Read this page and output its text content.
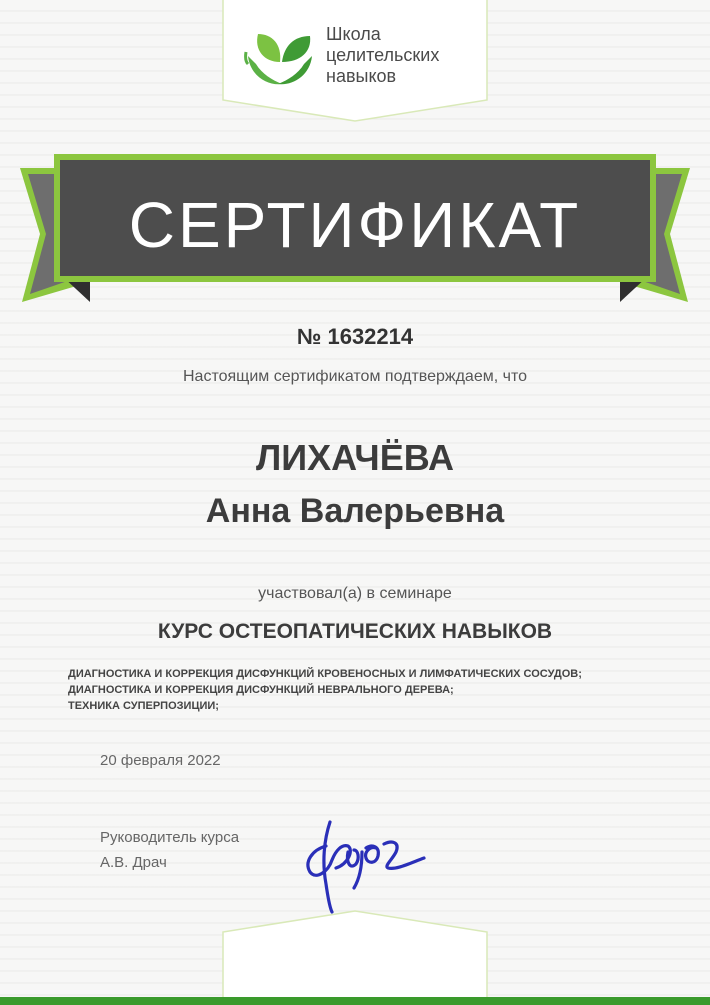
Школа
целительских
навыков
СЕРТИФИКАТ
№ 1632214
Настоящим сертификатом подтверждаем, что
ЛИХАЧЁВА
Анна Валерьевна
участвовал(а) в семинаре
КУРС ОСТЕОПАТИЧЕСКИХ НАВЫКОВ
ДИАГНОСТИКА И КОРРЕКЦИЯ ДИСФУНКЦИЙ КРОВЕНОСНЫХ И ЛИМФАТИЧЕСКИХ СОСУДОВ;
ДИАГНОСТИКА И КОРРЕКЦИЯ ДИСФУНКЦИЙ НЕВРАЛЬНОГО ДЕРЕВА;
ТЕХНИКА СУПЕРПОЗИЦИИ;
20 февраля 2022
Руководитель курса
А.В. Драч
